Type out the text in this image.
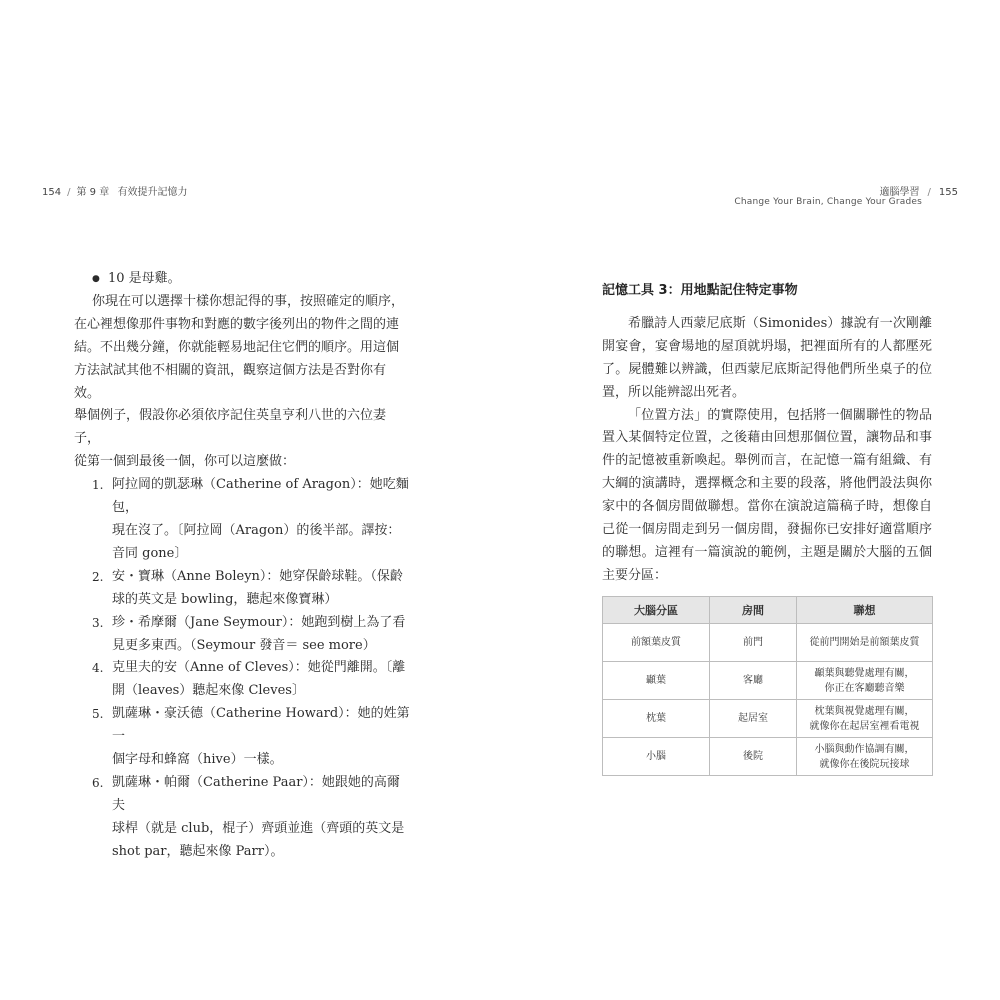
154 / 第 9 章 有效提升記憶力

● 10 是母雞。

你現在可以選擇十樣你想記得的事，按照確定的順序，
在心裡想像那件事物和對應的數字後列出的物件之間的連
結。不出幾分鐘，你就能輕易地記住它們的順序。用這個
方法試試其他不相關的資訊，觀察這個方法是否對你有效。
舉個例子，假設你必須依序記住英皇亨利八世的六位妻子，
從第一個到最後一個，你可以這麼做：

1. 阿拉岡的凱瑟琳（Catherine of Aragon）：她吃麵包，
現在沒了。〔阿拉岡（Aragon）的後半部。譯按：
音同 gone〕
2. 安・寶琳（Anne Boleyn）：她穿保齡球鞋。（保齡
球的英文是 bowling，聽起來像寶琳）
3. 珍・希摩爾（Jane Seymour）：她跑到樹上為了看
見更多東西。（Seymour 發音＝ see more）
4. 克里夫的安（Anne of Cleves）：她從門離開。〔離
開（leaves）聽起來像 Cleves〕
5. 凱薩琳・豪沃德（Catherine Howard）：她的姓第一
個字母和蜂窩（hive）一樣。
6. 凱薩琳・帕爾（Catherine Paar）：她跟她的高爾夫
球桿（就是 club，棍子）齊頭並進（齊頭的英文是
shot par，聽起來像 Parr）。
適腦學習 / 155
Change Your Brain, Change Your Grades
記憶工具 3：用地點記住特定事物

希臘詩人西蒙尼底斯（Simonides）據說有一次剛離開宴會，宴會場地的屋頂就坍塌，把裡面所有的人都壓死了。屍體難以辨識，但西蒙尼底斯記得他們所坐桌子的位置，所以能辨認出死者。

「位置方法」的實際使用，包括將一個關聯性的物品置入某個特定位置，之後藉由回想那個位置，讓物品和事件的記憶被重新喚起。舉例而言，在記憶一篇有組織、有大綱的演講時，選擇概念和主要的段落，將他們設法與你家中的各個房間做聯想。當你在演說這篇稿子時，想像自己從一個房間走到另一個房間，發掘你已安排好適當順序的聯想。這裡有一篇演說的範例，主題是關於大腦的五個主要分區：

大腦分區	房間	聯想
前額葉皮質	前門	從前門開始是前額葉皮質
顳葉	客廳	顳葉與聽覺處理有關，
你正在客廳聽音樂

枕葉	起居室	枕葉與視覺處理有關，
就像你在起居室裡看電視

小腦	後院	小腦與動作協調有關，
就像你在後院玩接球
